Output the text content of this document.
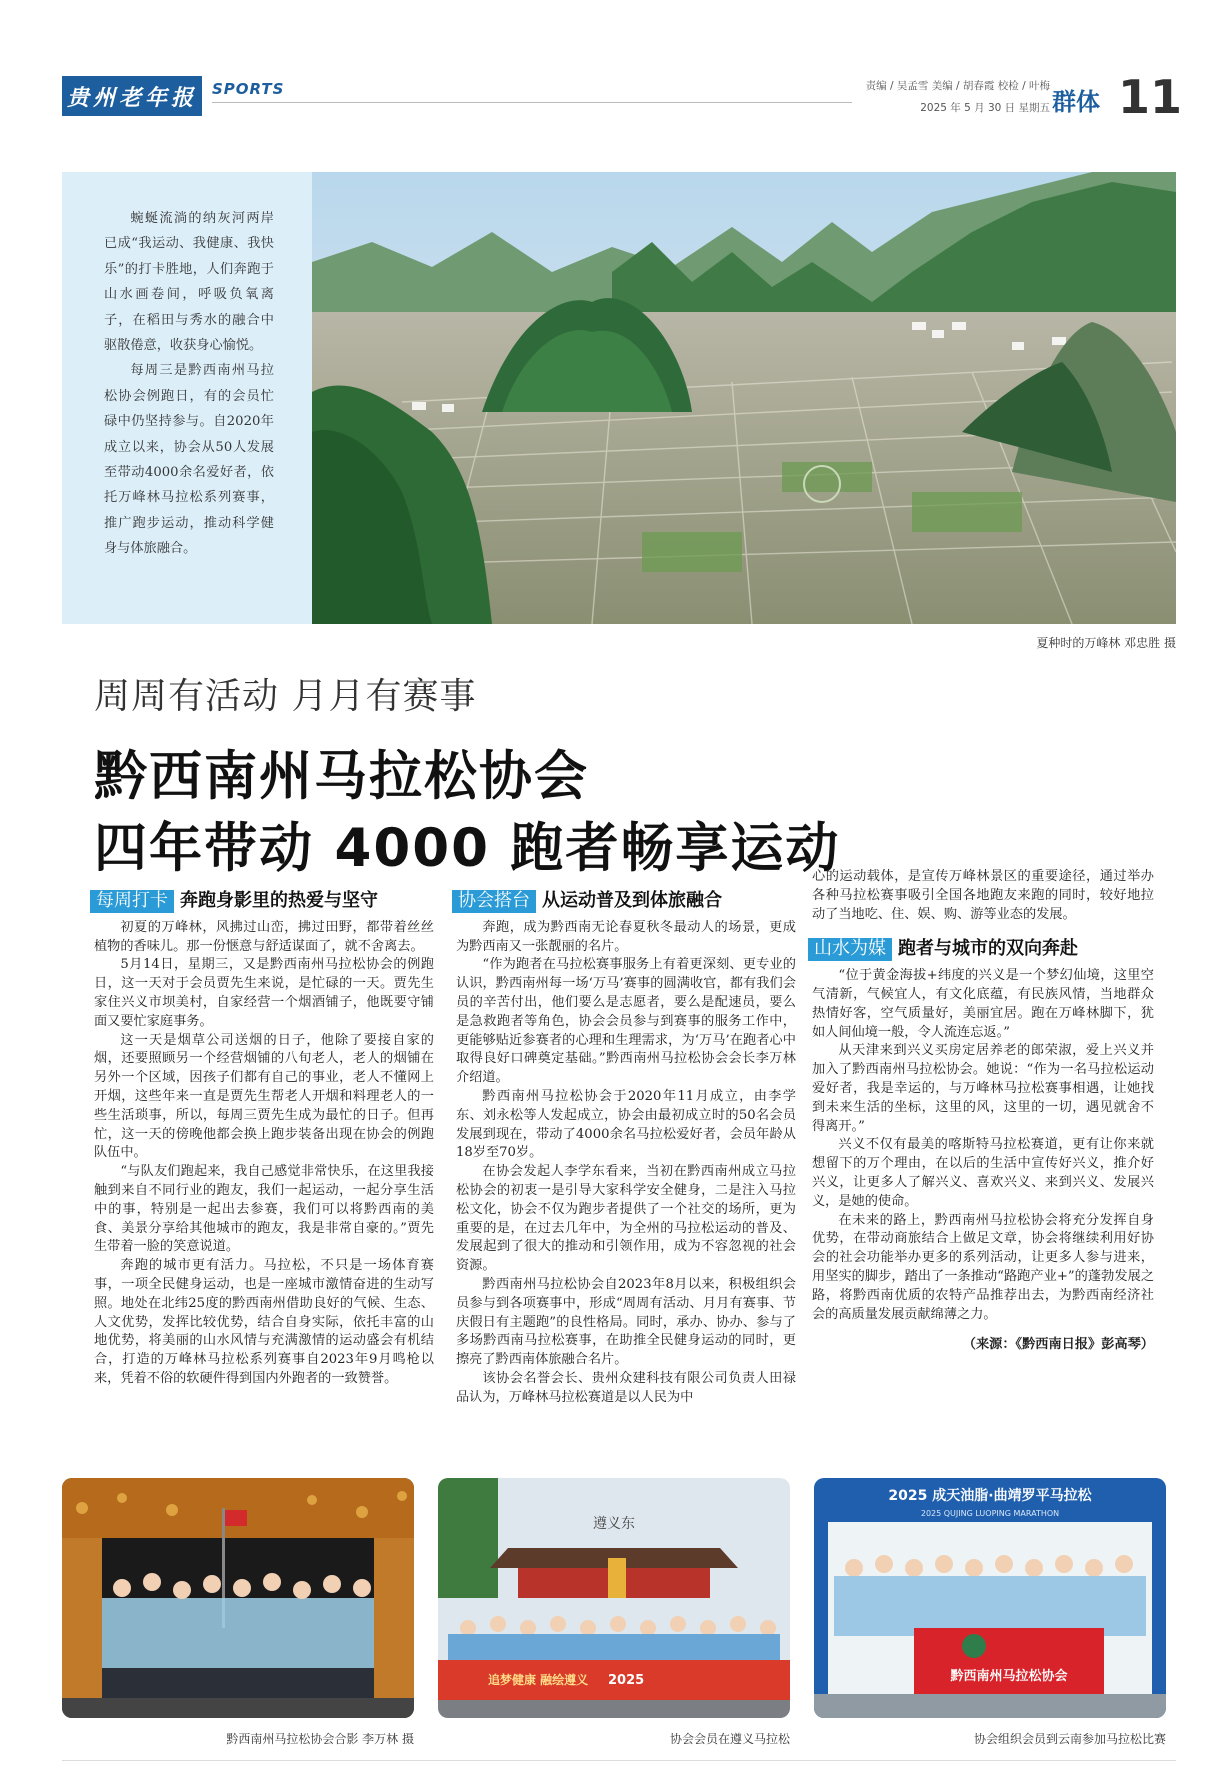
贵州老年报	SPORTS	责编 / 吴孟雪 美编 / 胡春霞 校检 / 叶梅
2025 年 5 月 30 日 星期五 群体 11

蜿蜒流淌的纳灰河两岸已成“我运动、我健康、我快乐”的打卡胜地，人们奔跑于山水画卷间，呼吸负氧离子，在稻田与秀水的融合中驱散倦意，收获身心愉悦。

每周三是黔西南州马拉松协会例跑日，有的会员忙碌中仍坚持参与。自2020年成立以来，协会从50人发展至带动4000余名爱好者，依托万峰林马拉松系列赛事，推广跑步运动，推动科学健身与体旅融合。

夏种时的万峰林 邓忠胜 摄
周周有活动 月月有赛事
黔西南州马拉松协会
四年带动 4000 跑者畅享运动
每周打卡 奔跑身影里的热爱与坚守

初夏的万峰林，风拂过山峦，拂过田野，都带着丝丝植物的香味儿。那一份惬意与舒适谋面了，就不舍离去。

5月14日，星期三，又是黔西南州马拉松协会的例跑日，这一天对于会员贾先生来说，是忙碌的一天。贾先生家住兴义市坝美村，自家经营一个烟酒铺子，他既要守铺面又要忙家庭事务。

这一天是烟草公司送烟的日子，他除了要接自家的烟，还要照顾另一个经营烟铺的八旬老人，老人的烟铺在另外一个区域，因孩子们都有自己的事业，老人不懂网上开烟，这些年来一直是贾先生帮老人开烟和料理老人的一些生活琐事，所以，每周三贾先生成为最忙的日子。但再忙，这一天的傍晚他都会换上跑步装备出现在协会的例跑队伍中。

“与队友们跑起来，我自己感觉非常快乐，在这里我接触到来自不同行业的跑友，我们一起运动，一起分享生活中的事，特别是一起出去参赛，我们可以将黔西南的美食、美景分享给其他城市的跑友，我是非常自豪的。”贾先生带着一脸的笑意说道。

奔跑的城市更有活力。马拉松，不只是一场体育赛事，一项全民健身运动，也是一座城市激情奋进的生动写照。地处在北纬25度的黔西南州借助良好的气候、生态、人文优势，发挥比较优势，结合自身实际，依托丰富的山地优势，将美丽的山水风情与充满激情的运动盛会有机结合，打造的万峰林马拉松系列赛事自2023年9月鸣枪以来，凭着不俗的软硬件得到国内外跑者的一致赞誉。

协会搭台 从运动普及到体旅融合

奔跑，成为黔西南无论春夏秋冬最动人的场景，更成为黔西南又一张靓丽的名片。

“作为跑者在马拉松赛事服务上有着更深刻、更专业的认识，黔西南州每一场‘万马’赛事的圆满收官，都有我们会员的辛苦付出，他们要么是志愿者，要么是配速员，要么是急救跑者等角色，协会会员参与到赛事的服务工作中，更能够贴近参赛者的心理和生理需求，为‘万马’在跑者心中取得良好口碑奠定基础。”黔西南州马拉松协会会长李万林介绍道。

黔西南州马拉松协会于2020年11月成立，由李学东、刘永松等人发起成立，协会由最初成立时的50名会员发展到现在，带动了4000余名马拉松爱好者，会员年龄从18岁至70岁。

在协会发起人李学东看来，当初在黔西南州成立马拉松协会的初衷一是引导大家科学安全健身，二是注入马拉松文化，协会不仅为跑步者提供了一个社交的场所，更为重要的是，在过去几年中，为全州的马拉松运动的普及、发展起到了很大的推动和引领作用，成为不容忽视的社会资源。

黔西南州马拉松协会自2023年8月以来，积极组织会员参与到各项赛事中，形成“周周有活动、月月有赛事、节庆假日有主题跑”的良性格局。同时，承办、协办、参与了多场黔西南马拉松赛事，在助推全民健身运动的同时，更擦亮了黔西南体旅融合名片。

该协会名誉会长、贵州众建科技有限公司负责人田禄品认为，万峰林马拉松赛道是以人民为中

心的运动载体，是宣传万峰林景区的重要途径，通过举办各种马拉松赛事吸引全国各地跑友来跑的同时，较好地拉动了当地吃、住、娱、购、游等业态的发展。

山水为媒 跑者与城市的双向奔赴

“位于黄金海拔+纬度的兴义是一个梦幻仙境，这里空气清新，气候宜人，有文化底蕴，有民族风情，当地群众热情好客，空气质量好，美丽宜居。跑在万峰林脚下，犹如人间仙境一般，令人流连忘返。”

从天津来到兴义买房定居养老的郎荣淑，爱上兴义并加入了黔西南州马拉松协会。她说：“作为一名马拉松运动爱好者，我是幸运的，与万峰林马拉松赛事相遇，让她找到未来生活的坐标，这里的风，这里的一切，遇见就舍不得离开。”

兴义不仅有最美的喀斯特马拉松赛道，更有让你来就想留下的万个理由，在以后的生活中宣传好兴义，推介好兴义，让更多人了解兴义、喜欢兴义、来到兴义、发展兴义，是她的使命。

在未来的路上，黔西南州马拉松协会将充分发挥自身优势，在带动商旅结合上做足文章，协会将继续利用好协会的社会功能举办更多的系列活动，让更多人参与进来，用坚实的脚步，踏出了一条推动“路跑产业+”的蓬勃发展之路，将黔西南优质的农特产品推荐出去，为黔西南经济社会的高质量发展贡献绵薄之力。

（来源：《黔西南日报》彭高琴）
黔西南州马拉松协会合影 李万林 摄
遵义东
追梦健康 融绘遵义 2025
协会会员在遵义马拉松
2025 成天油脂·曲靖罗平马拉松
2025 QUJING LUOPING MARATHON
黔西南州马拉松协会
协会组织会员到云南参加马拉松比赛
